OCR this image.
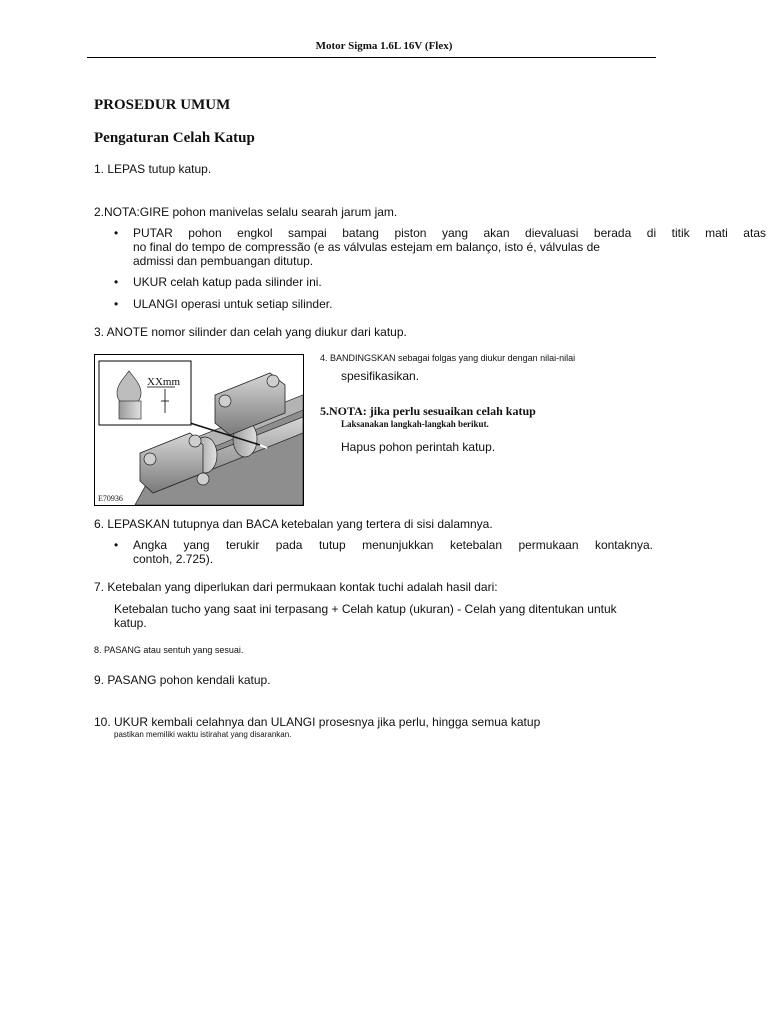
Motor Sigma 1.6L 16V (Flex)
PROSEDUR UMUM
Pengaturan Celah Katup
1. LEPAS tutup katup.
2.NOTA:GIRE pohon manivelas selalu searah jarum jam.
• PUTAR pohon engkol sampai batang piston yang akan dievaluasi berada di titik mati atas
no final do tempo de compressão (e as válvulas estejam em balanço, isto é, válvulas de
admissi dan pembuangan ditutup.
• UKUR celah katup pada silinder ini.
• ULANGI operasi untuk setiap silinder.
3. ANOTE nomor silinder dan celah yang diukur dari katup.
XXmm
E70936
4. BANDINGSKAN sebagai folgas yang diukur dengan nilai-nilai
spesifikasikan.
5.NOTA: jika perlu sesuaikan celah katup
Laksanakan langkah-langkah berikut.
Hapus pohon perintah katup.
6. LEPASKAN tutupnya dan BACA ketebalan yang tertera di sisi dalamnya.
• Angka yang terukir pada tutup menunjukkan ketebalan permukaan kontaknya.
contoh, 2.725).
7. Ketebalan yang diperlukan dari permukaan kontak tuchi adalah hasil dari:
Ketebalan tucho yang saat ini terpasang + Celah katup (ukuran) - Celah yang ditentukan untuk
katup.
8. PASANG atau sentuh yang sesuai.
9. PASANG pohon kendali katup.
10. UKUR kembali celahnya dan ULANGI prosesnya jika perlu, hingga semua katup
pastikan memiliki waktu istirahat yang disarankan.
